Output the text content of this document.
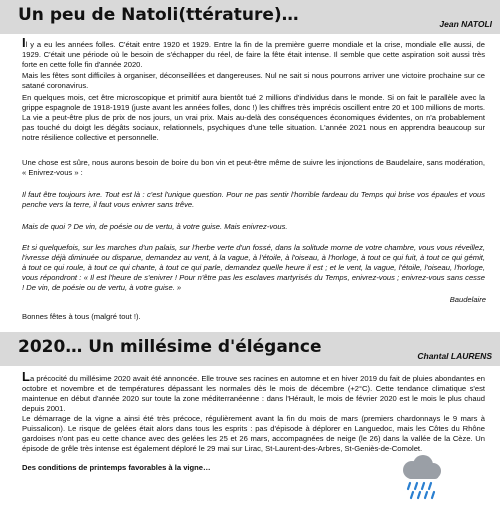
Un peu de Natoli(ttérature)…	Jean NATOLI

Il y a eu les années folles. C'était entre 1920 et 1929. Entre la fin de la première guerre mondiale et la crise, mondiale elle aussi, de 1929. C'était une période où le besoin de s'échapper du réel, de faire la fête était intense. Il semble que cette aspiration soit aussi très forte en cette folle fin d'année 2020.

Mais les fêtes sont difficiles à organiser, déconseillées et dangereuses. Nul ne sait si nous pourrons arriver une victoire prochaine sur ce satané coronavirus.

En quelques mois, cet être microscopique et primitif aura bientôt tué 2 millions d'individus dans le monde. Si on fait le parallèle avec la grippe espagnole de 1918-1919 (juste avant les années folles, donc !) les chiffres très imprécis oscillent entre 20 et 100 millions de morts. La vie a peut-être plus de prix de nos jours, un vrai prix. Mais au-delà des conséquences économiques évidentes, on n'a probablement pas touché du doigt les dégâts sociaux, relationnels, psychiques d'une telle situation. L'année 2021 nous en apprendra beaucoup sur notre résilience collective et personnelle.

Une chose est sûre, nous aurons besoin de boire du bon vin et peut-être même de suivre les injonctions de Baudelaire, sans modération, « Enivrez-vous » :

Il faut être toujours ivre. Tout est là : c'est l'unique question. Pour ne pas sentir l'horrible fardeau du Temps qui brise vos épaules et vous penche vers la terre, il faut vous enivrer sans trêve.

Mais de quoi ? De vin, de poésie ou de vertu, à votre guise. Mais enivrez-vous.

Et si quelquefois, sur les marches d'un palais, sur l'herbe verte d'un fossé, dans la solitude morne de votre chambre, vous vous réveillez, l'ivresse déjà diminuée ou disparue, demandez au vent, à la vague, à l'étoile, à l'oiseau, à l'horloge, à tout ce qui fuit, à tout ce qui gémit, à tout ce qui roule, à tout ce qui chante, à tout ce qui parle, demandez quelle heure il est ; et le vent, la vague, l'étoile, l'oiseau, l'horloge, vous répondront : « Il est l'heure de s'enivrer ! Pour n'être pas les esclaves martyrisés du Temps, enivrez-vous ; enivrez-vous sans cesse ! De vin, de poésie ou de vertu, à votre guise. »

Baudelaire

Bonnes fêtes à tous (malgré tout !).

2020… Un millésime d'élégance	Chantal LAURENS

La précocité du millésime 2020 avait été annoncée. Elle trouve ses racines en automne et en hiver 2019 du fait de pluies abondantes en octobre et novembre et de températures dépassant les normales dès le mois de décembre (+2°C). Cette tendance climatique s'est maintenue en début d'année 2020 sur toute la zone méditerranéenne : dans l'Hérault, le mois de février 2020 est le mois le plus chaud depuis 2001.

Le démarrage de la vigne a ainsi été très précoce, régulièrement avant la fin du mois de mars (premiers chardonnays le 9 mars à Puissalicon). Le risque de gelées était alors dans tous les esprits : pas d'épisode à déplorer en Languedoc, mais les Côtes du Rhône gardoises n'ont pas eu cette chance avec des gelées les 25 et 26 mars, accompagnées de neige (le 26) dans la vallée de la Cèze. Un épisode de grêle très intense est également déploré le 29 mai sur Lirac, St-Laurent-des-Arbres, St-Geniès-de-Comolet.

Des conditions de printemps favorables à la vigne…
